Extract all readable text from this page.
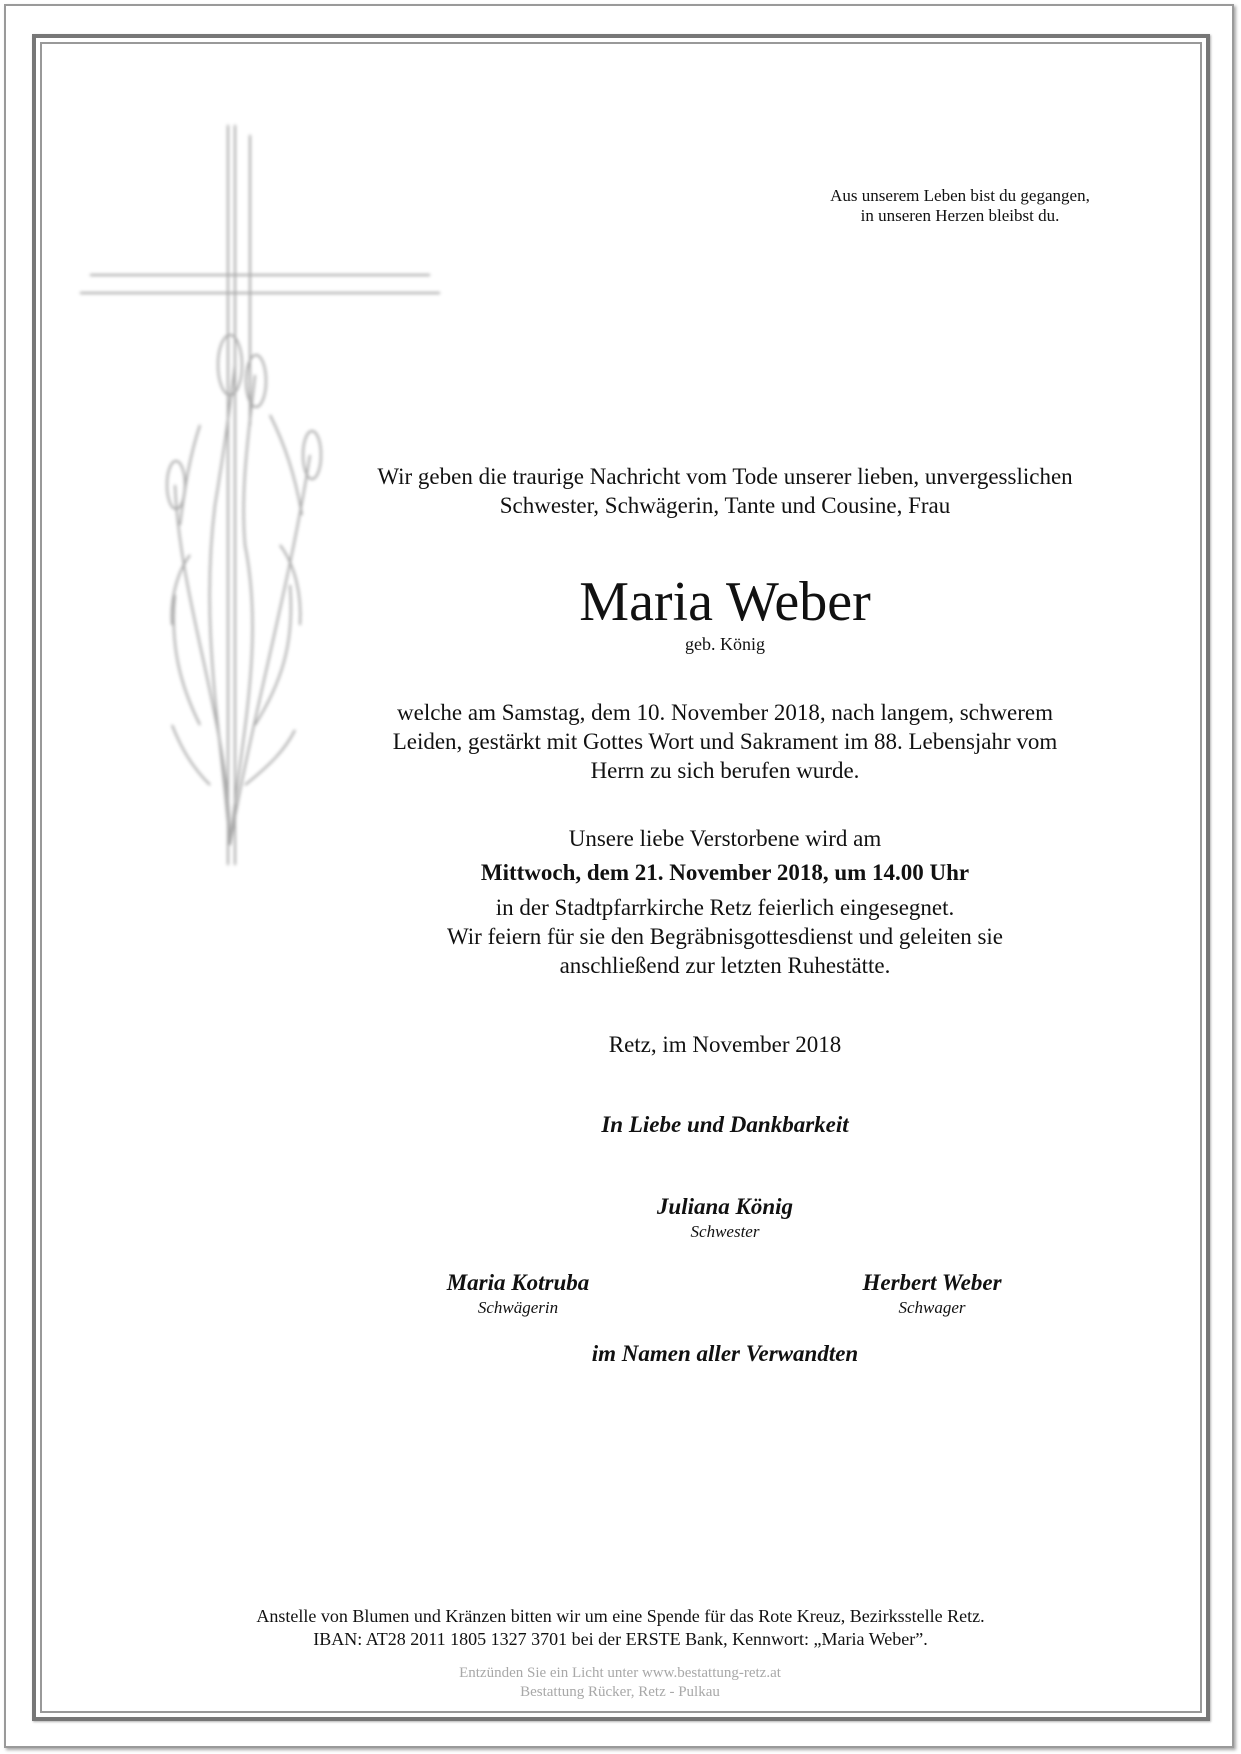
Aus unserem Leben bist du gegangen,
in unseren Herzen bleibst du.
Wir geben die traurige Nachricht vom Tode unserer lieben, unvergesslichen
Schwester, Schwägerin, Tante und Cousine, Frau
Maria Weber
geb. König
welche am Samstag, dem 10. November 2018, nach langem, schwerem
Leiden, gestärkt mit Gottes Wort und Sakrament im 88. Lebensjahr vom
Herrn zu sich berufen wurde.
Unsere liebe Verstorbene wird am
Mittwoch, dem 21. November 2018, um 14.00 Uhr
in der Stadtpfarrkirche Retz feierlich eingesegnet.
Wir feiern für sie den Begräbnisgottesdienst und geleiten sie
anschließend zur letzten Ruhestätte.
Retz, im November 2018
In Liebe und Dankbarkeit
Juliana König
Schwester
Maria Kotruba
Schwägerin
Herbert Weber
Schwager
im Namen aller Verwandten
Anstelle von Blumen und Kränzen bitten wir um eine Spende für das Rote Kreuz, Bezirksstelle Retz.
IBAN: AT28 2011 1805 1327 3701 bei der ERSTE Bank, Kennwort: „Maria Weber”.
Entzünden Sie ein Licht unter www.bestattung-retz.at
Bestattung Rücker, Retz - Pulkau
